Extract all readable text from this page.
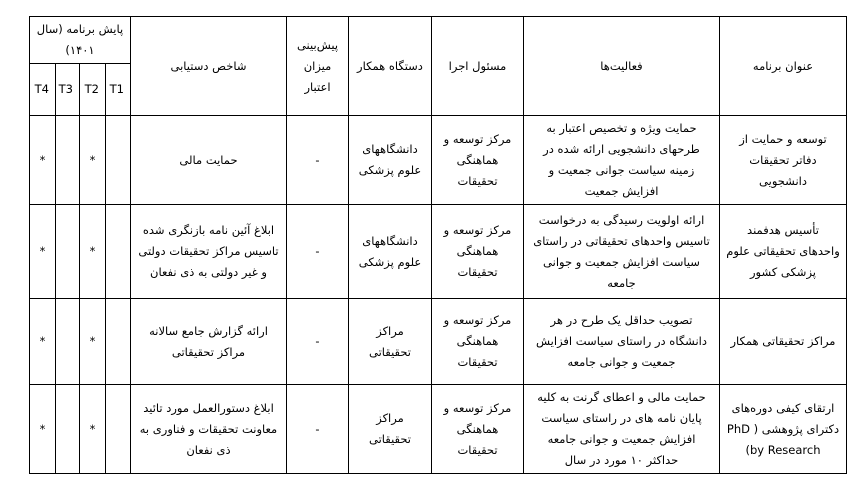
عنوان برنامه	فعالیت‌ها	مسئول اجرا	دستگاه همکار	پیش‌بینی میزان اعتبار	شاخص دستیابی	پایش برنامه (سال ۱۴۰۱)			
						T1	T2	T3	T4
توسعه و حمایت از دفاتر تحقیقات دانشجویی	حمایت ویژه و تخصیص اعتبار به طرحهای دانشجویی ارائه شده در زمینه سیاست جوانی جمعیت و افزایش جمعیت	مرکز توسعه و هماهنگی تحقیقات	دانشگاههای علوم پزشکی	-	حمایت مالی		*		*
تأسیس هدفمند واحدهای تحقیقاتی علوم پزشکی کشور	ارائه اولویت رسیدگی به درخواست تاسیس واحدهای تحقیقاتی در راستای سیاست افزایش جمعیت و جوانی جامعه	مرکز توسعه و هماهنگی تحقیقات	دانشگاههای علوم پزشکی	-	ابلاغ آئین نامه بازنگری شده تاسیس مراکز تحقیقات دولتی و غیر دولتی به ذی نفعان		*		*
مراکز تحقیقاتی همکار	تصویب حداقل یک طرح در هر دانشگاه در راستای سیاست افزایش جمعیت و جوانی جامعه	مرکز توسعه و هماهنگی تحقیقات	مراکز تحقیقاتی	-	ارائه گزارش جامع سالانه مراکز تحقیقاتی		*		*
ارتقای کیفی دوره‌های دکترای پژوهشی ( PhD by Research)	حمایت مالی و اعطای گرنت به کلیه پایان نامه های در راستای سیاست افزایش جمعیت و جوانی جامعه حداکثر ۱۰ مورد در سال	مرکز توسعه و هماهنگی تحقیقات	مراکز تحقیقاتی	-	ابلاغ دستورالعمل مورد تائید معاونت تحقیقات و فناوری به ذی نفعان		*		*
